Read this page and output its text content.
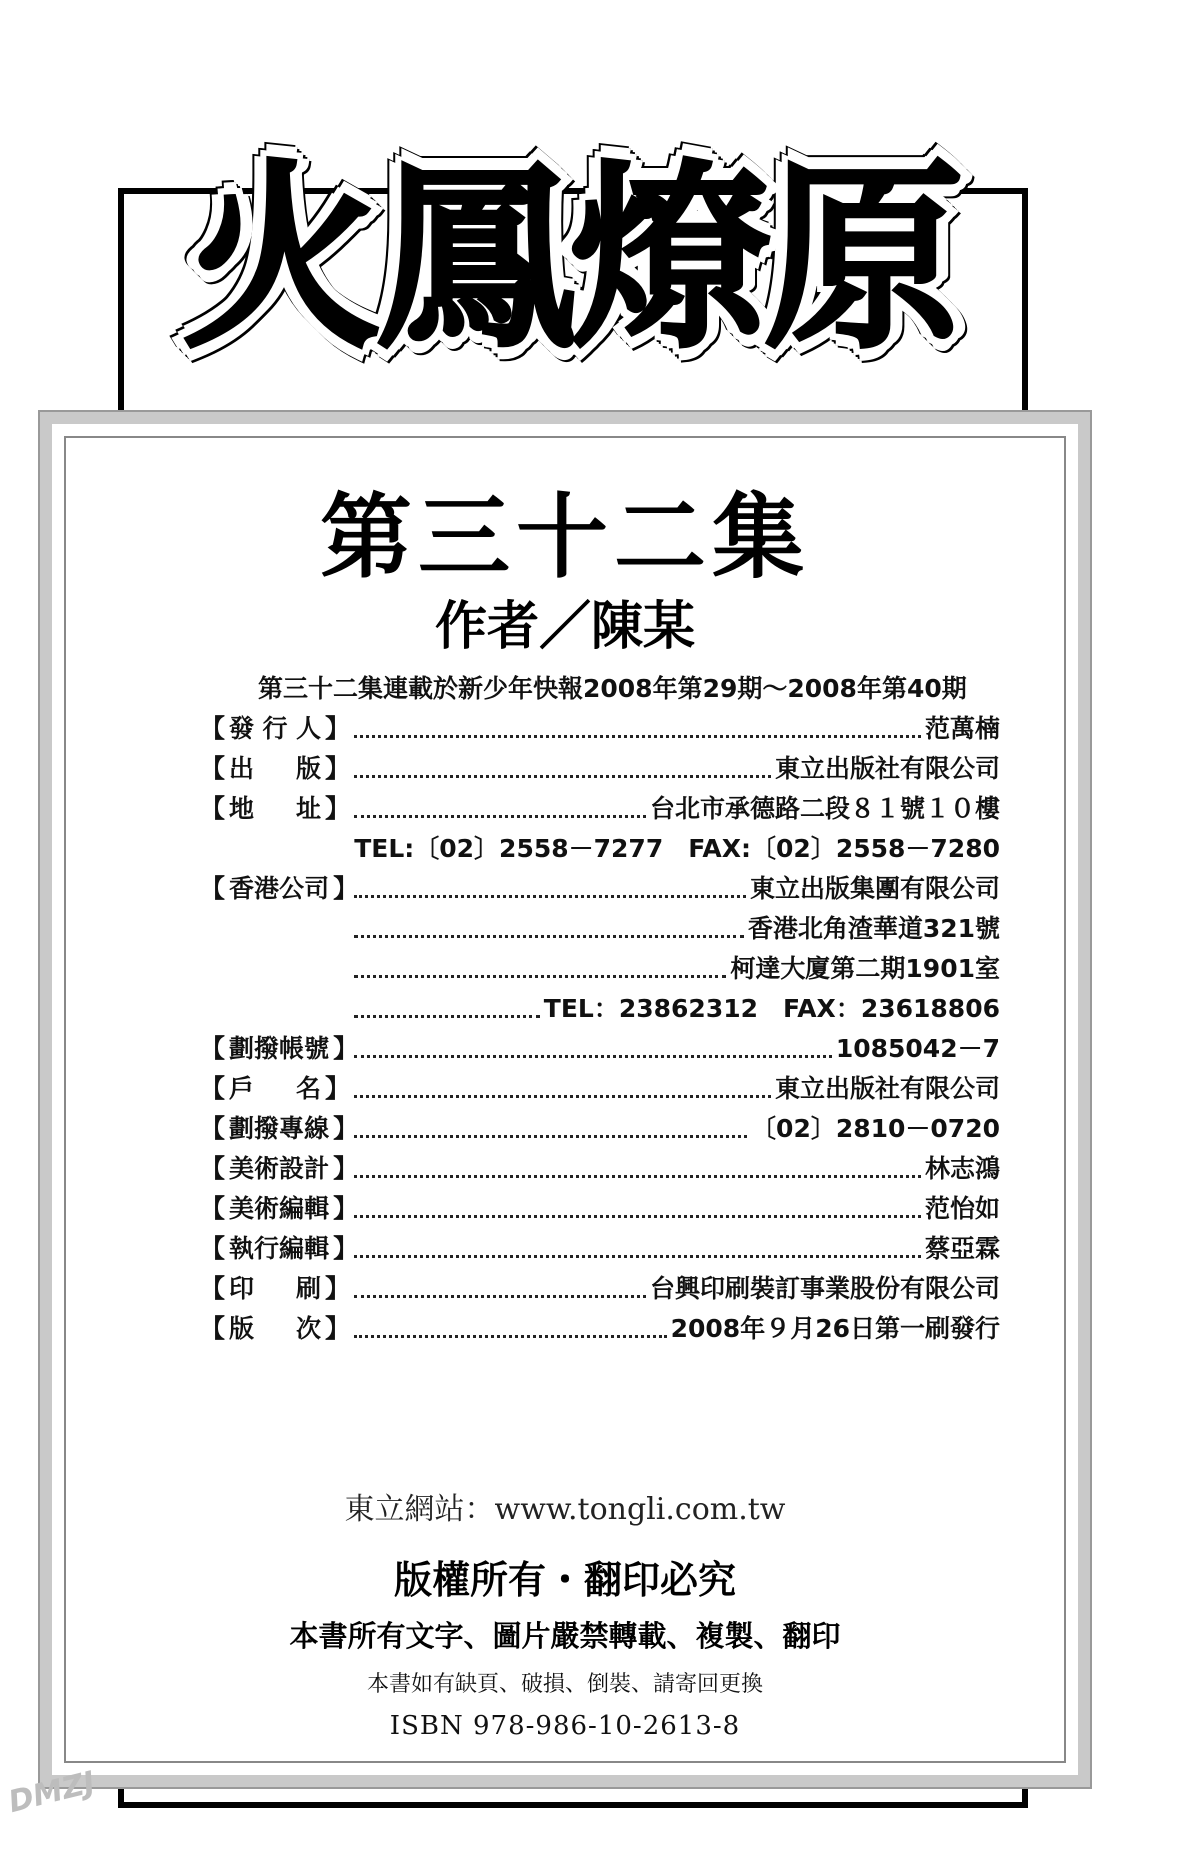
火鳳燎原
第三十二集
作者／陳某
第三十二集連載於新少年快報2008年第29期～2008年第40期
【 發 行 人 】	范萬楠
【 出 版 】	東立出版社有限公司
【 地 址 】	台北市承德路二段８１號１０樓
TEL:〔02〕2558－7277　FAX:〔02〕2558－7280
【 香 港 公 司 】	東立出版集團有限公司
香港北角渣華道321號
柯達大廈第二期1901室
TEL：23862312　FAX：23618806
【 劃 撥 帳 號 】	1085042－7
【 戶 名 】	東立出版社有限公司
【 劃 撥 專 線 】	〔02〕2810－0720
【 美 術 設 計 】	林志鴻
【 美 術 編 輯 】	范怡如
【 執 行 編 輯 】	蔡亞霖
【 印 刷 】	台興印刷裝訂事業股份有限公司
【 版 次 】	2008年９月26日第一刷發行
東立網站：www.tongli.com.tw
版權所有・翻印必究
本書所有文字、圖片嚴禁轉載、複製、翻印
本書如有缺頁、破損、倒裝、請寄回更換
ISBN 978-986-10-2613-8
DMZJ
